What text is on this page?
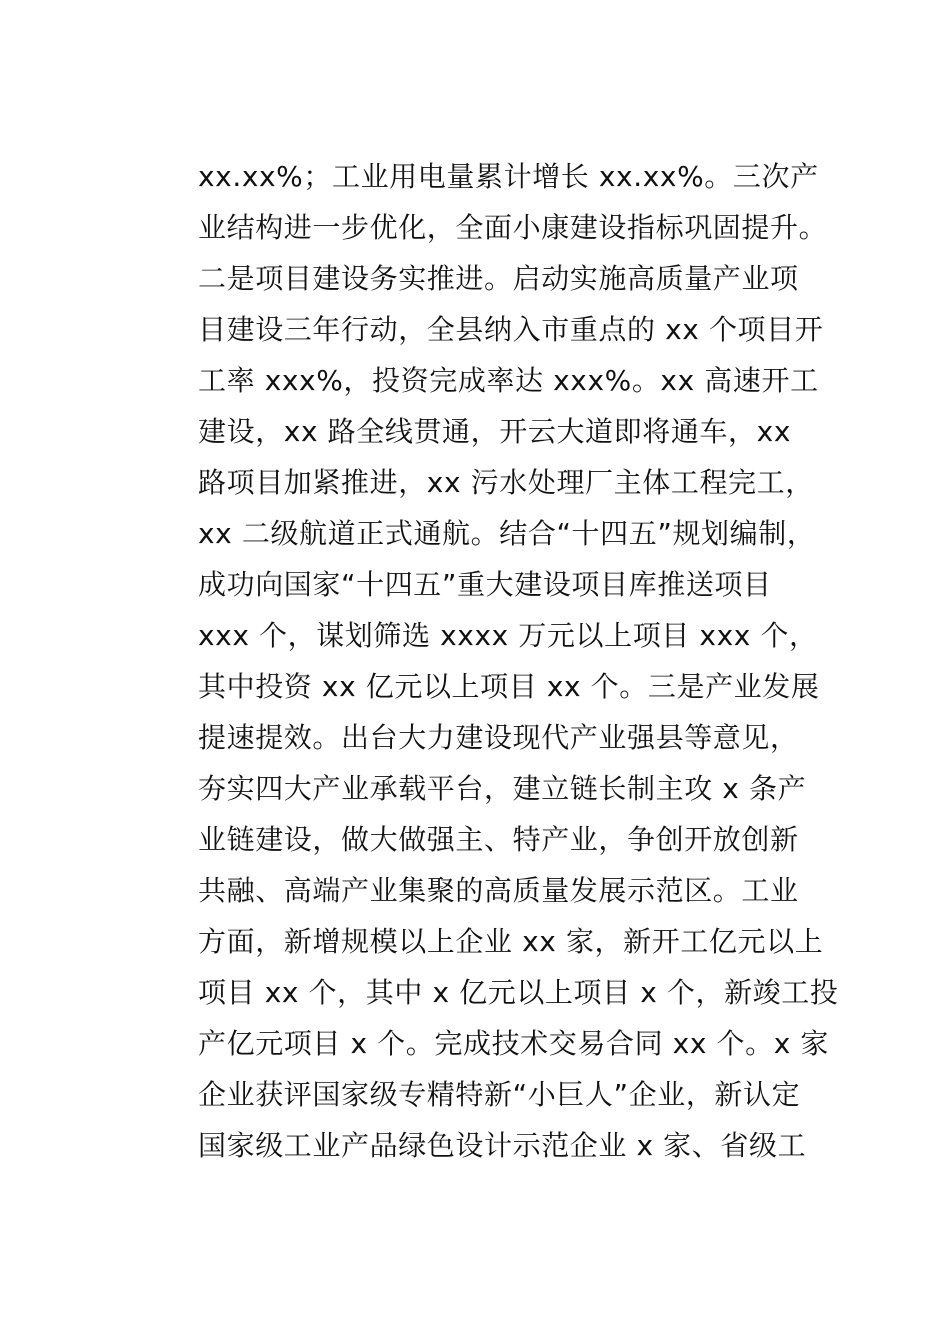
xx.xx%；工业用电量累计增长 xx.xx%。三次产
业结构进一步优化，全面小康建设指标巩固提升。
二是项目建设务实推进。启动实施高质量产业项
目建设三年行动，全县纳入市重点的 xx 个项目开
工率 xxx%，投资完成率达 xxx%。xx 高速开工
建设，xx 路全线贯通，开云大道即将通车，xx
路项目加紧推进，xx 污水处理厂主体工程完工，
xx 二级航道正式通航。结合“十四五”规划编制，
成功向国家“十四五”重大建设项目库推送项目
xxx 个，谋划筛选 xxxx 万元以上项目 xxx 个，
其中投资 xx 亿元以上项目 xx 个。三是产业发展
提速提效。出台大力建设现代产业强县等意见，
夯实四大产业承载平台，建立链长制主攻 x 条产
业链建设，做大做强主、特产业，争创开放创新
共融、高端产业集聚的高质量发展示范区。工业
方面，新增规模以上企业 xx 家，新开工亿元以上
项目 xx 个，其中 x 亿元以上项目 x 个，新竣工投
产亿元项目 x 个。完成技术交易合同 xx 个。x 家
企业获评国家级专精特新“小巨人”企业，新认定
国家级工业产品绿色设计示范企业 x 家、省级工
